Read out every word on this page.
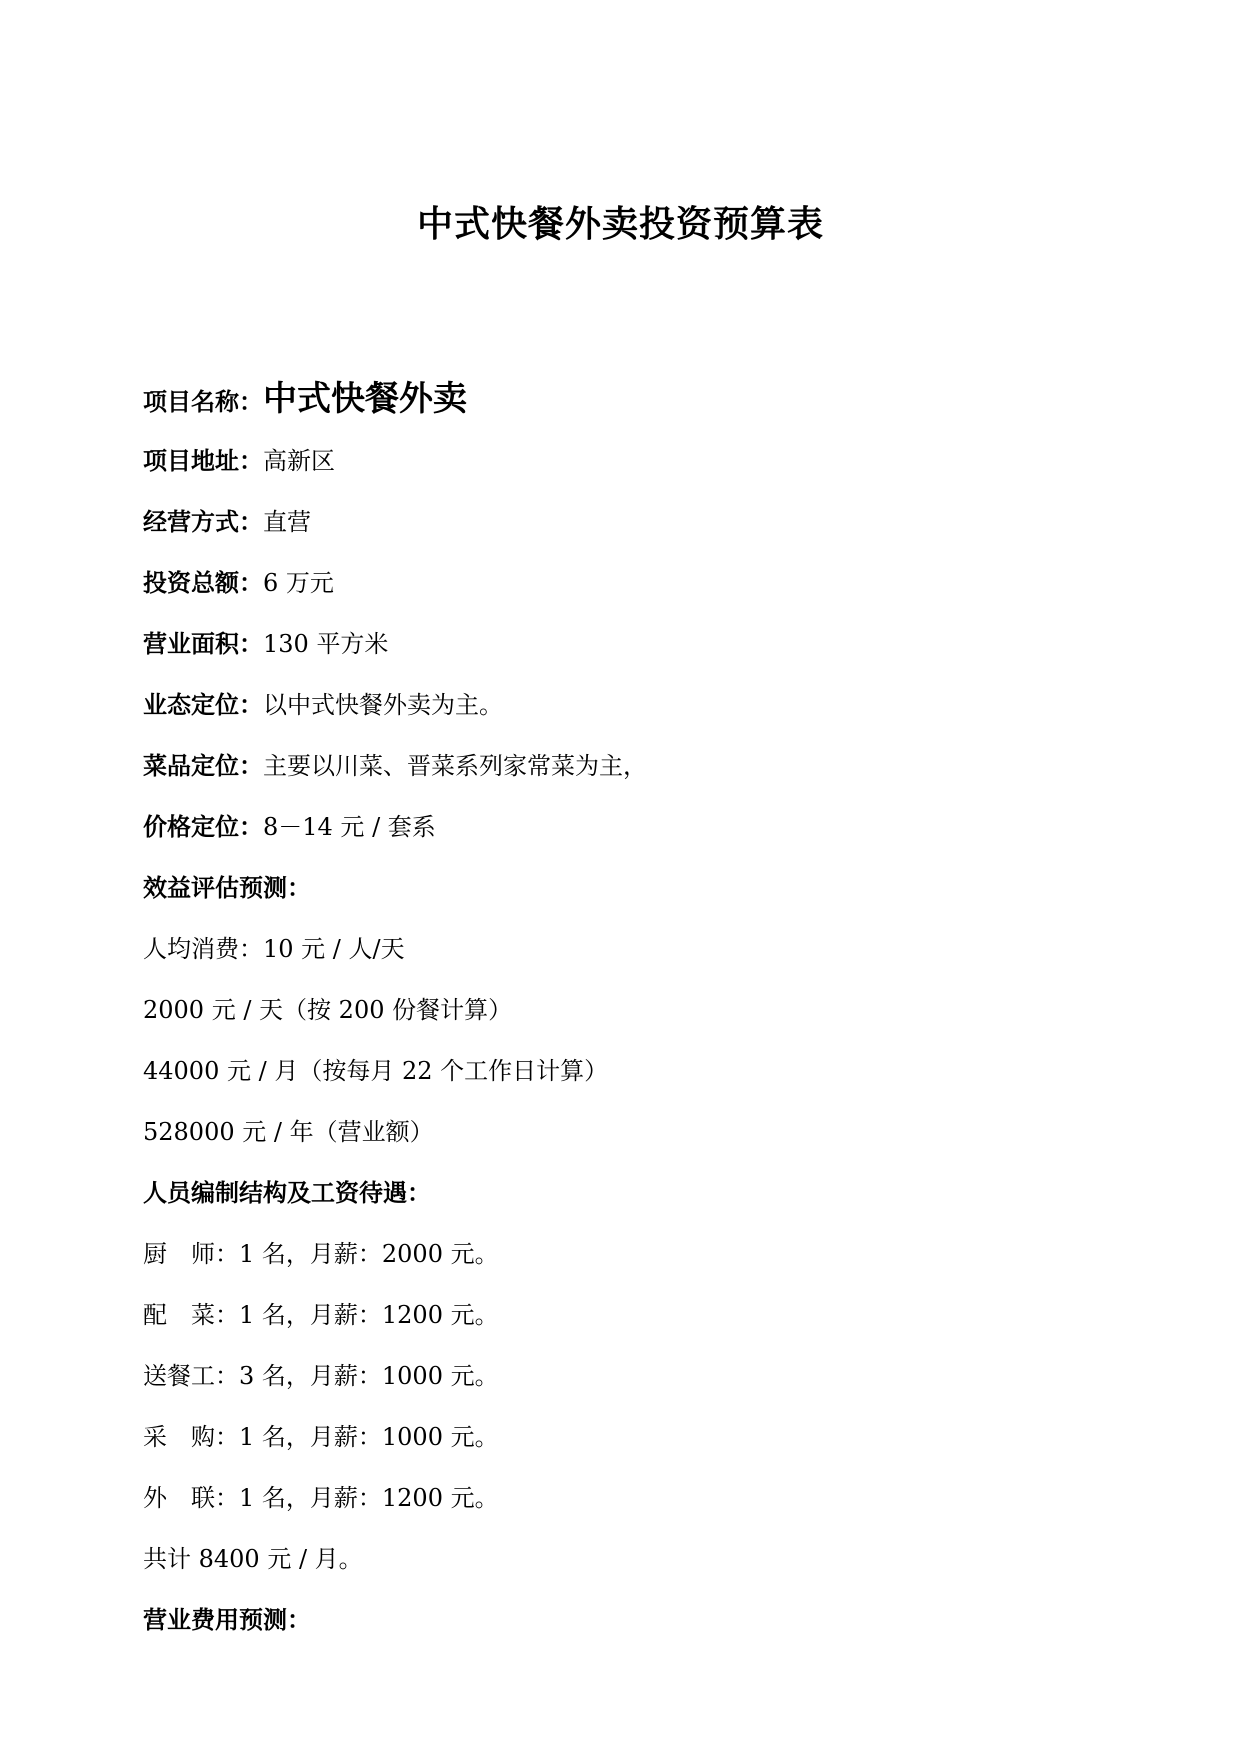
中式快餐外卖投资预算表
项目名称：中式快餐外卖
项目地址：高新区
经营方式：直营
投资总额：6 万元
营业面积：130 平方米
业态定位：以中式快餐外卖为主。
菜品定位：主要以川菜、晋菜系列家常菜为主，
价格定位：8－14 元 / 套系
效益评估预测：
人均消费：10 元 / 人/天
2000 元 / 天（按 200 份餐计算）
44000 元 / 月（按每月 22 个工作日计算）
528000 元 / 年（营业额）
人员编制结构及工资待遇：
厨　师：1 名，月薪：2000 元。
配　菜：1 名，月薪：1200 元。
送餐工：3 名，月薪：1000 元。
采　购：1 名，月薪：1000 元。
外　联：1 名，月薪：1200 元。
共计 8400 元 / 月。
营业费用预测：
